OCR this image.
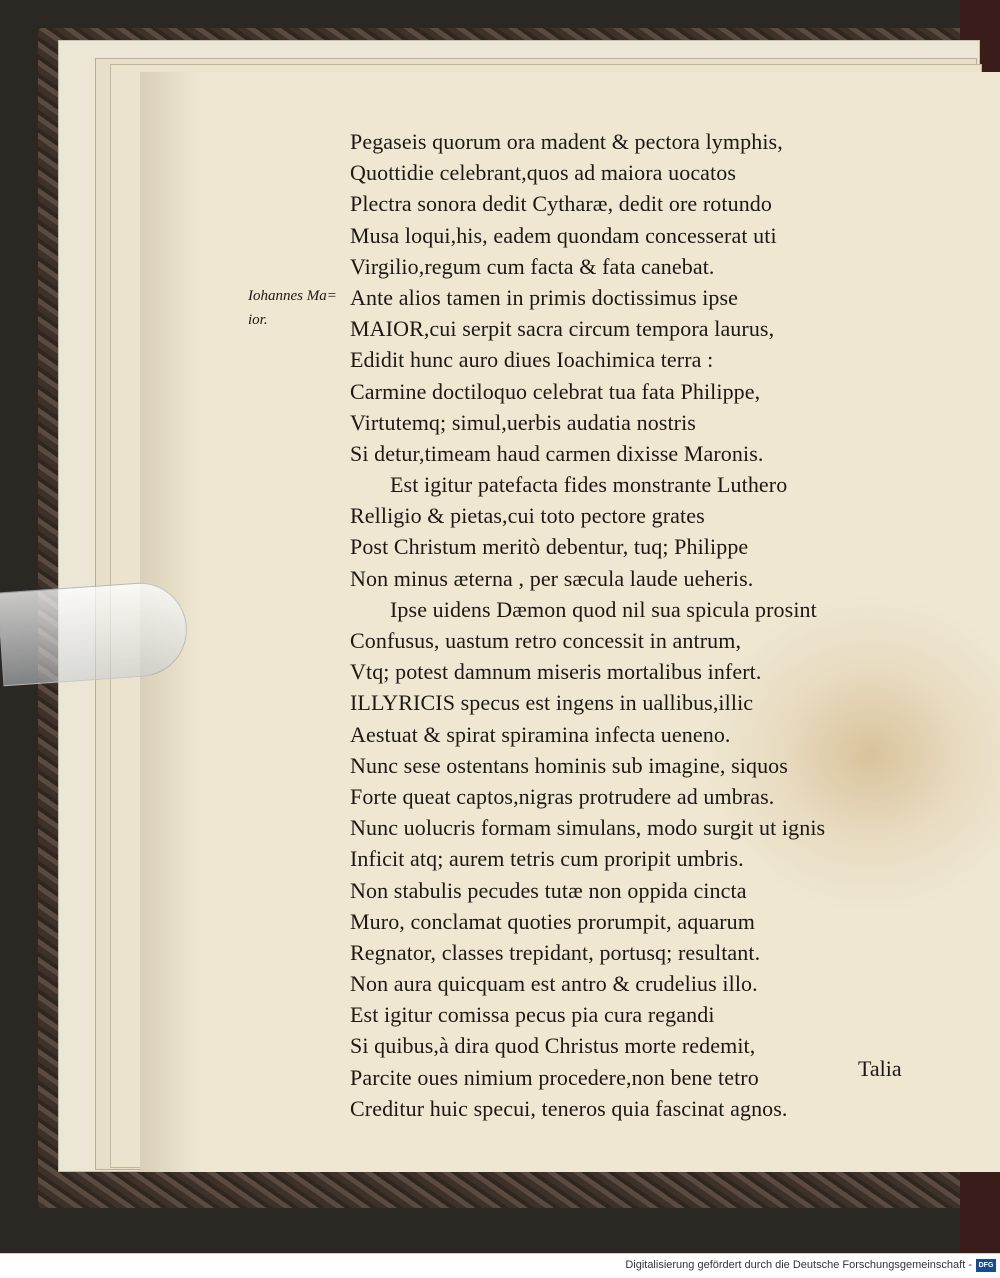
Iohannes Ma=
ior.
Pegaseis quorum ora madent & pectora lymphis,
Quottidie celebrant,quos ad maiora uocatos
Plectra sonora dedit Cytharæ, dedit ore rotundo
Musa loqui,his, eadem quondam concesserat uti
Virgilio,regum cum facta & fata canebat.
Ante alios tamen in primis doctissimus ipse
MAIOR,cui serpit sacra circum tempora laurus,
Edidit hunc auro diues Ioachimica terra :
Carmine doctiloquo celebrat tua fata Philippe,
Virtutemq; simul,uerbis audatia nostris
Si detur,timeam haud carmen dixisse Maronis.
Est igitur patefacta fides monstrante Luthero
Relligio & pietas,cui toto pectore grates
Post Christum meritò debentur, tuq; Philippe
Non minus æterna , per sæcula laude ueheris.
Ipse uidens Dæmon quod nil sua spicula prosint
Confusus, uastum retro concessit in antrum,
Vtq; potest damnum miseris mortalibus infert.
ILLYRICIS specus est ingens in uallibus,illic
Aestuat & spirat spiramina infecta ueneno.
Nunc sese ostentans hominis sub imagine, siquos
Forte queat captos,nigras protrudere ad umbras.
Nunc uolucris formam simulans, modo surgit ut ignis
Inficit atq; aurem tetris cum proripit umbris.
Non stabulis pecudes tutæ non oppida cincta
Muro, conclamat quoties prorumpit, aquarum
Regnator, classes trepidant, portusq; resultant.
Non aura quicquam est antro & crudelius illo.
Est igitur comissa pecus pia cura regandi
Si quibus,à dira quod Christus morte redemit,
Parcite oues nimium procedere,non bene tetro
Creditur huic specui, teneros quia fascinat agnos.
Talia
Digitalisierung gefördert durch die Deutsche Forschungsgemeinschaft - DFG
